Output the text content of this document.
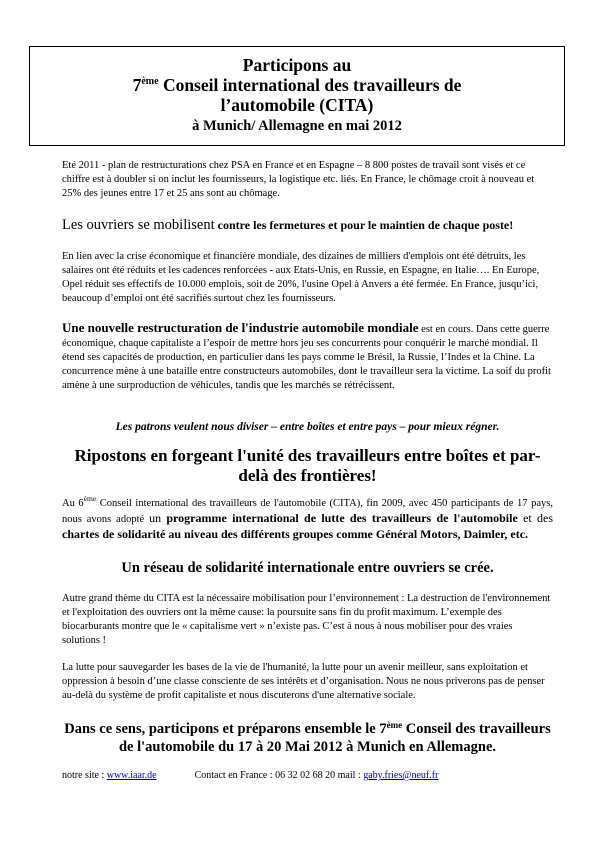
Participons au

7ème Conseil international des travailleurs de

l’automobile (CITA)

à Munich/ Allemagne en mai 2012

Eté 2011 - plan de restructurations chez PSA en France et en Espagne – 8 800 postes de travail sont visés et ce chiffre est à doubler si on inclut les fournisseurs, la logistique etc. liés. En France, le chômage croit à nouveau et 25% des jeunes entre 17 et 25 ans sont au chômage.

Les ouvriers se mobilisent contre les fermetures et pour le maintien de chaque poste!

En lien avec la crise économique et financière mondiale, des dizaines de milliers d'emplois ont été détruits, les salaires ont été réduits et les cadences renforcées - aux Etats-Unis, en Russie, en Espagne, en Italie…. En Europe, Opel réduit ses effectifs de 10.000 emplois, soit de 20%, l'usine Opel à Anvers a été fermée. En France, jusqu’ici, beaucoup d’emploi ont été sacrifiés surtout chez les fournisseurs.

Une nouvelle restructuration de l'industrie automobile mondiale est en cours. Dans cette guerre économique, chaque capitaliste a l’espoir de mettre hors jeu ses concurrents pour conquérir le marché mondial. Il étend ses capacités de production, en particulier dans les pays comme le Brésil, la Russie, l’Indes et la Chine. La concurrence mène à une bataille entre constructeurs automobiles, dont le travailleur sera la victime. La soif du profit amène à une surproduction de véhicules, tandis que les marchés se rétrécissent.

Les patrons veulent nous diviser – entre boîtes et entre pays – pour mieux régner.

Ripostons en forgeant l'unité des travailleurs entre boîtes et par-delà des frontières!

Au 6ème Conseil international des travailleurs de l'automobile (CITA), fin 2009, avec 450 participants de 17 pays, nous avons adopté un programme international de lutte des travailleurs de l'automobile et des chartes de solidarité au niveau des différents groupes comme Général Motors, Daimler, etc.

Un réseau de solidarité internationale entre ouvriers se crée.

Autre grand thème du CITA est la nécessaire mobilisation pour l’environnement : La destruction de l'environnement et l'exploitation des ouvriers ont la même cause: la poursuite sans fin du profit maximum. L’exemple des biocarburants montre que le « capitalisme vert » n’existe pas. C’est à nous à nous mobiliser pour des vraies solutions !

La lutte pour sauvegarder les bases de la vie de l'humanité, la lutte pour un avenir meilleur, sans exploitation et oppression à besoin d’une classe consciente de ses intérêts et d’organisation. Nous ne nous priverons pas de penser au-delà du système de profit capitaliste et nous discuterons d'une alternative sociale.

Dans ce sens, participons et préparons ensemble le 7ème Conseil des travailleurs de l'automobile du 17 à 20 Mai 2012 à Munich en Allemagne.

notre site : www.iaar.de	Contact en France : 06 32 02 68 20 mail : gaby.fries@neuf.fr
